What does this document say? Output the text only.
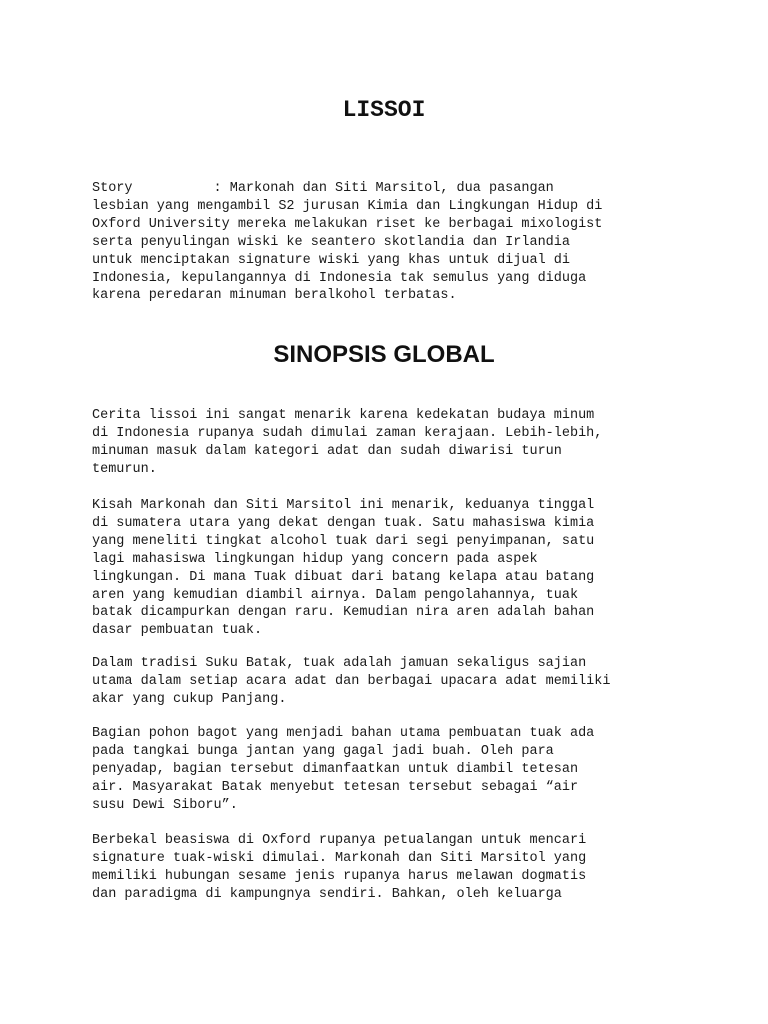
LISSOI
Story          : Markonah dan Siti Marsitol, dua pasangan
lesbian yang mengambil S2 jurusan Kimia dan Lingkungan Hidup di
Oxford University mereka melakukan riset ke berbagai mixologist
serta penyulingan wiski ke seantero skotlandia dan Irlandia
untuk menciptakan signature wiski yang khas untuk dijual di
Indonesia, kepulangannya di Indonesia tak semulus yang diduga
karena peredaran minuman beralkohol terbatas.
SINOPSIS GLOBAL
Cerita lissoi ini sangat menarik karena kedekatan budaya minum
di Indonesia rupanya sudah dimulai zaman kerajaan. Lebih-lebih,
minuman masuk dalam kategori adat dan sudah diwarisi turun
temurun.
Kisah Markonah dan Siti Marsitol ini menarik, keduanya tinggal
di sumatera utara yang dekat dengan tuak. Satu mahasiswa kimia
yang meneliti tingkat alcohol tuak dari segi penyimpanan, satu
lagi mahasiswa lingkungan hidup yang concern pada aspek
lingkungan. Di mana Tuak dibuat dari batang kelapa atau batang
aren yang kemudian diambil airnya. Dalam pengolahannya, tuak
batak dicampurkan dengan raru. Kemudian nira aren adalah bahan
dasar pembuatan tuak.
Dalam tradisi Suku Batak, tuak adalah jamuan sekaligus sajian
utama dalam setiap acara adat dan berbagai upacara adat memiliki
akar yang cukup Panjang.
Bagian pohon bagot yang menjadi bahan utama pembuatan tuak ada
pada tangkai bunga jantan yang gagal jadi buah. Oleh para
penyadap, bagian tersebut dimanfaatkan untuk diambil tetesan
air. Masyarakat Batak menyebut tetesan tersebut sebagai “air
susu Dewi Siboru”.
Berbekal beasiswa di Oxford rupanya petualangan untuk mencari
signature tuak-wiski dimulai. Markonah dan Siti Marsitol yang
memiliki hubungan sesame jenis rupanya harus melawan dogmatis
dan paradigma di kampungnya sendiri. Bahkan, oleh keluarga
